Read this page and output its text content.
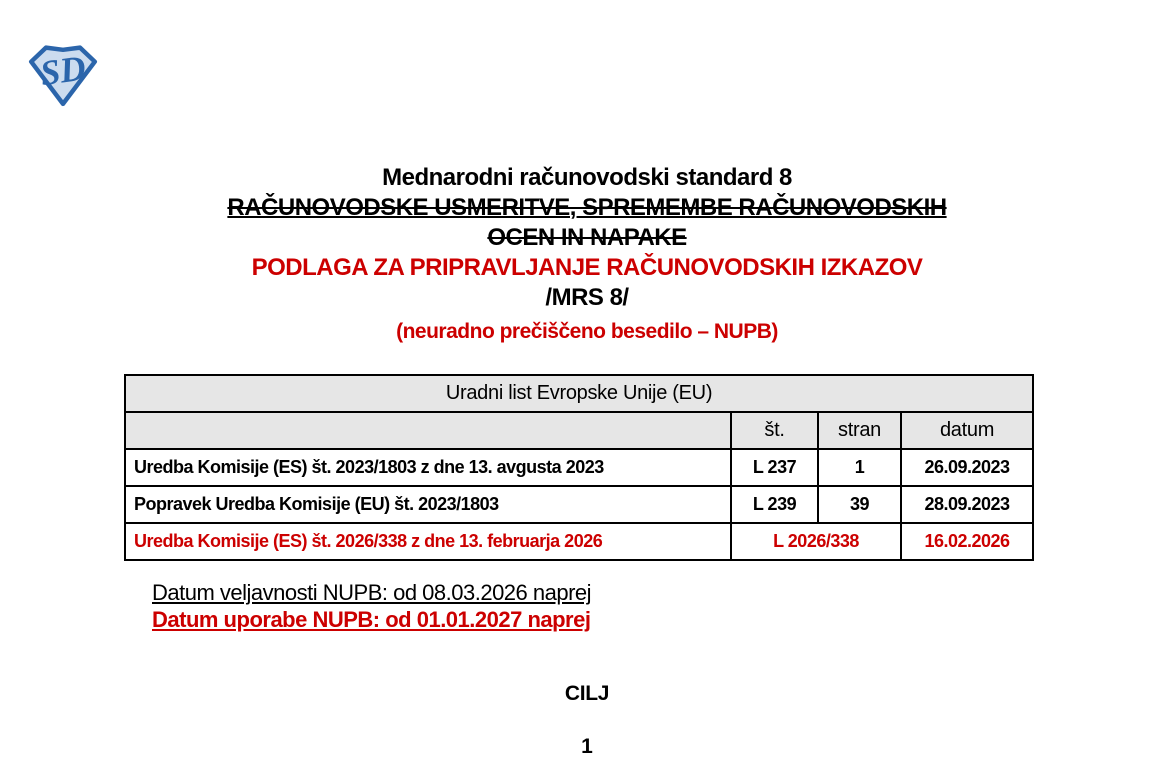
SD
Mednarodni računovodski standard 8
RAČUNOVODSKE USMERITVE, SPREMEMBE RAČUNOVODSKIH
OCEN IN NAPAKE
PODLAGA ZA PRIPRAVLJANJE RAČUNOVODSKIH IZKAZOV
/MRS 8/
(neuradno prečiščeno besedilo – NUPB)
Uradni list Evropske Unije (EU)			
	št.	stran	datum
Uredba Komisije (ES) št. 2023/1803 z dne 13. avgusta 2023	L 237	1	26.09.2023
Popravek Uredba Komisije (EU) št. 2023/1803	L 239	39	28.09.2023
Uredba Komisije (ES) št. 2026/338 z dne 13. februarja 2026	L 2026/338		16.02.2026
Datum veljavnosti NUPB: od 08.03.2026 naprej
Datum uporabe NUPB: od 01.01.2027 naprej
CILJ
1
